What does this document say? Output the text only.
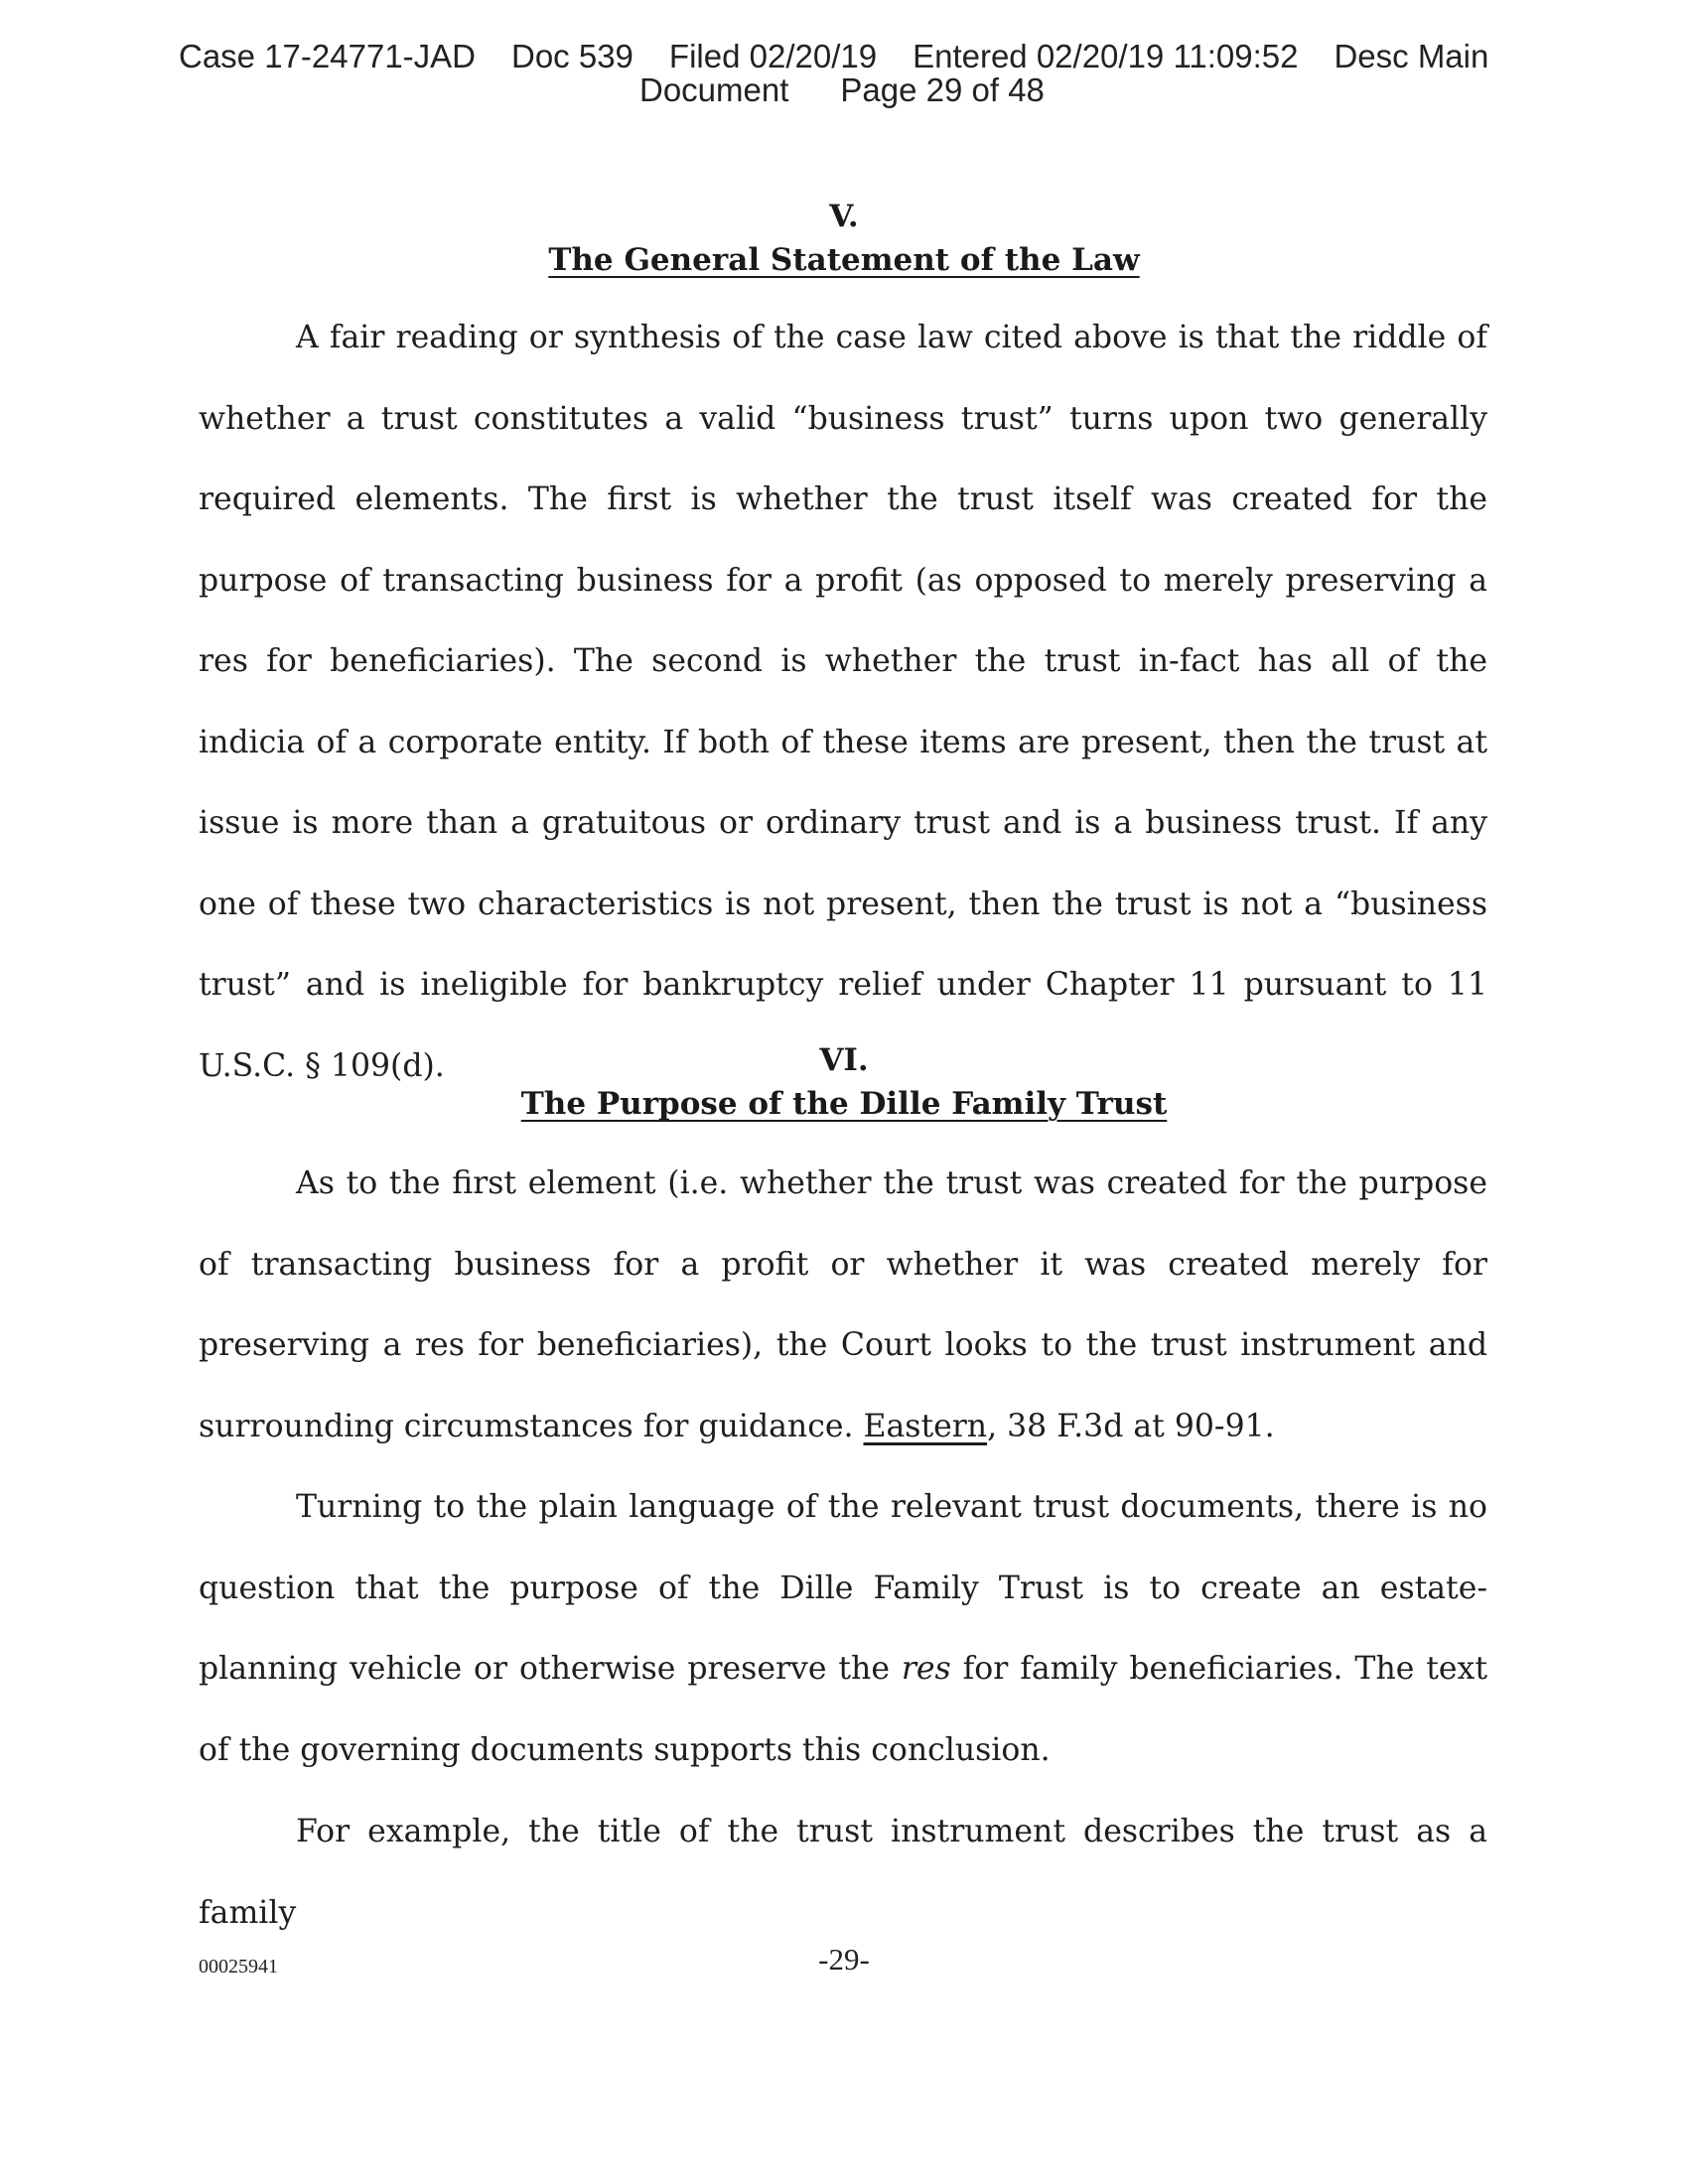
Case 17-24771-JAD Doc 539 Filed 02/20/19 Entered 02/20/19 11:09:52 Desc Main
Document Page 29 of 48
V.
The General Statement of the Law

A fair reading or synthesis of the case law cited above is that the riddle of whether a trust constitutes a valid “business trust” turns upon two generally required elements. The first is whether the trust itself was created for the purpose of transacting business for a profit (as opposed to merely preserving a res for beneficiaries). The second is whether the trust in-fact has all of the indicia of a corporate entity. If both of these items are present, then the trust at issue is more than a gratuitous or ordinary trust and is a business trust. If any one of these two characteristics is not present, then the trust is not a “business trust” and is ineligible for bankruptcy relief under Chapter 11 pursuant to 11 U.S.C. § 109(d).	VI.
The Purpose of the Dille Family Trust

As to the first element (i.e. whether the trust was created for the purpose of transacting business for a profit or whether it was created merely for preserving a res for beneficiaries), the Court looks to the trust instrument and surrounding circumstances for guidance. Eastern, 38 F.3d at 90-91.

Turning to the plain language of the relevant trust documents, there is no question that the purpose of the Dille Family Trust is to create an estate-planning vehicle or otherwise preserve the res for family beneficiaries. The text of the governing documents supports this conclusion.

For example, the title of the trust instrument describes the trust as a family

00025941	-29-
